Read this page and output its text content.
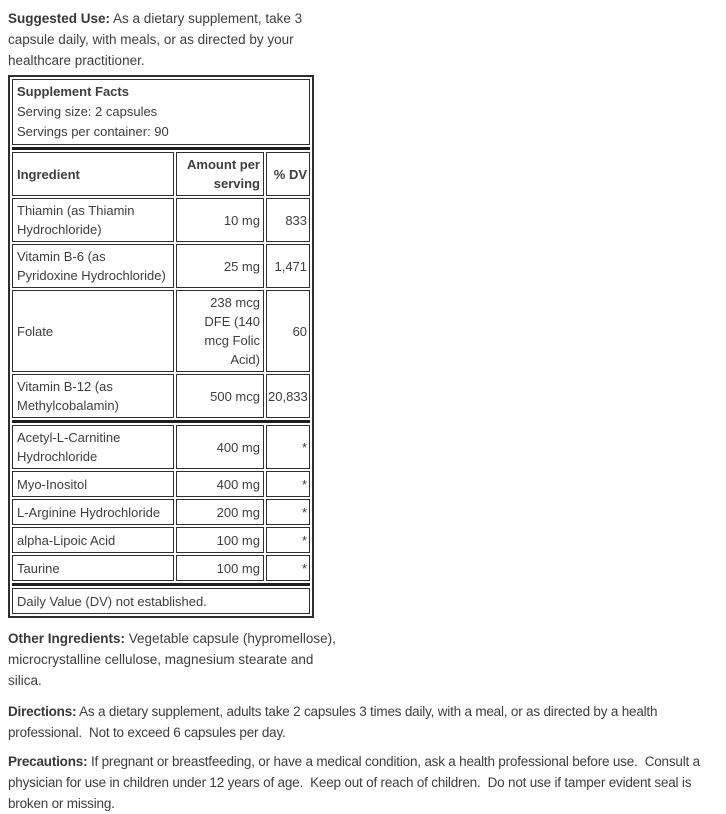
Suggested Use: As a dietary supplement, take 3 capsule daily, with meals, or as directed by your healthcare practitioner.

Supplement Facts
Serving size: 2 capsules
Servings per container: 90		

Ingredient	Amount per serving	% DV
Thiamin (as Thiamin Hydrochloride)	10 mg	833
Vitamin B-6 (as Pyridoxine Hydrochloride)	25 mg	1,471
Folate	238 mcg DFE (140 mcg Folic Acid)	60
Vitamin B-12 (as Methylcobalamin)	500 mcg	20,833

Acetyl-L-Carnitine Hydrochloride	400 mg	*
Myo-Inositol	400 mg	*
L-Arginine Hydrochloride	200 mg	*
alpha-Lipoic Acid	100 mg	*
Taurine	100 mg	*

Daily Value (DV) not established.		

Other Ingredients: Vegetable capsule (hypromellose), microcrystalline cellulose, magnesium stearate and silica.

Directions: As a dietary supplement, adults take 2 capsules 3 times daily, with a meal, or as directed by a health professional.  Not to exceed 6 capsules per day.

Precautions: If pregnant or breastfeeding, or have a medical condition, ask a health professional before use.  Consult a physician for use in children under 12 years of age.  Keep out of reach of children.  Do not use if tamper evident seal is broken or missing.
